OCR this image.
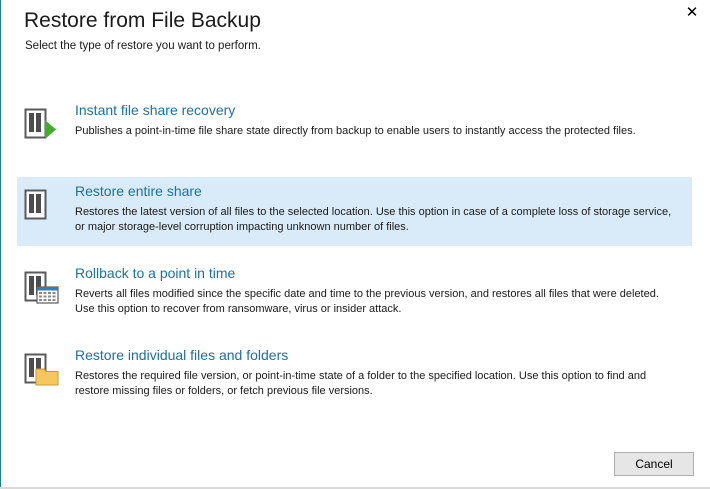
Restore from File Backup
Select the type of restore you want to perform.
✕
Instant file share recovery
Publishes a point-in-time file share state directly from backup to enable users to instantly access the protected files.
Restore entire share
Restores the latest version of all files to the selected location. Use this option in case of a complete loss of storage service, or major storage-level corruption impacting unknown number of files.
Rollback to a point in time
Reverts all files modified since the specific date and time to the previous version, and restores all files that were deleted. Use this option to recover from ransomware, virus or insider attack.
Restore individual files and folders
Restores the required file version, or point-in-time state of a folder to the specified location. Use this option to find and restore missing files or folders, or fetch previous file versions.
Cancel
